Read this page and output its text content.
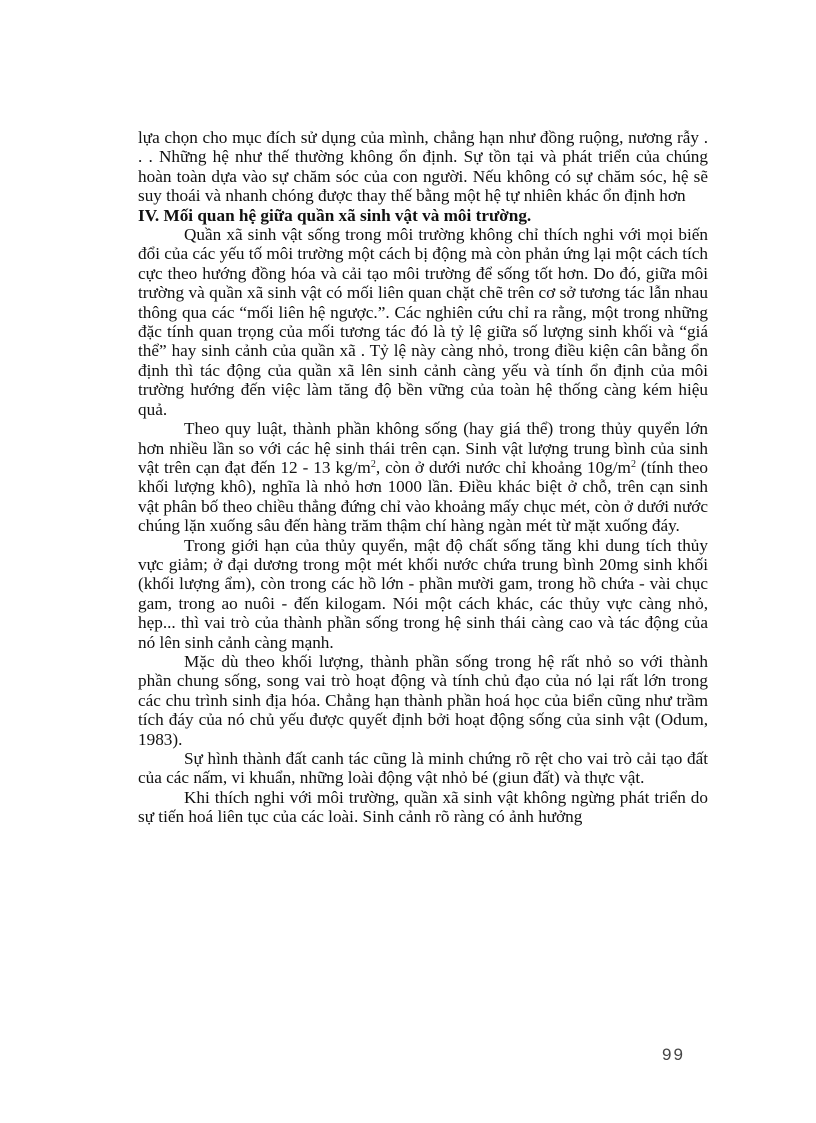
lựa chọn cho mục đích sử dụng của mình, chẳng hạn như đồng ruộng, nương rẫy . . . Những hệ như thế thường không ổn định. Sự tồn tại và phát triển của chúng hoàn toàn dựa vào sự chăm sóc của con người. Nếu không có sự chăm sóc, hệ sẽ suy thoái và nhanh chóng được thay thế bằng một hệ tự nhiên khác ổn định hơn

IV. Mối quan hệ giữa quần xã sinh vật và môi trường.

Quần xã sinh vật sống trong môi trường không chỉ thích nghi với mọi biến đổi của các yếu tố môi trường một cách bị động mà còn phản ứng lại một cách tích cực theo hướng đồng hóa và cải tạo môi trường để sống tốt hơn. Do đó, giữa môi trường và quần xã sinh vật có mối liên quan chặt chẽ trên cơ sở tương tác lẫn nhau thông qua các “mối liên hệ ngược.”. Các nghiên cứu chỉ ra rằng, một trong những đặc tính quan trọng của mối tương tác đó là tỷ lệ giữa số lượng sinh khối và “giá thể” hay sinh cảnh của quần xã . Tỷ lệ này càng nhỏ, trong điều kiện cân bằng ổn định thì tác động của quần xã lên sinh cảnh càng yếu và tính ổn định của môi trường hướng đến việc làm tăng độ bền vững của toàn hệ thống càng kém hiệu quả.

Theo quy luật, thành phần không sống (hay giá thể) trong thủy quyển lớn hơn nhiều lần so với các hệ sinh thái trên cạn. Sinh vật lượng trung bình của sinh vật trên cạn đạt đến 12 - 13 $kg/m^2$, còn ở dưới nước chỉ khoảng $10g/m^2$ (tính theo khối lượng khô), nghĩa là nhỏ hơn 1000 lần. Điều khác biệt ở chỗ, trên cạn sinh vật phân bố theo chiều thẳng đứng chỉ vào khoảng mấy chục mét, còn ở dưới nước chúng lặn xuống sâu đến hàng trăm thậm chí hàng ngàn mét từ mặt xuống đáy.

Trong giới hạn của thủy quyển, mật độ chất sống tăng khi dung tích thủy vực giảm; ở đại dương trong một mét khối nước chứa trung bình 20mg sinh khối (khối lượng ẩm), còn trong các hồ lớn - phần mười gam, trong hồ chứa - vài chục gam, trong ao nuôi - đến kilogam. Nói một cách khác, các thủy vực càng nhỏ, hẹp... thì vai trò của thành phần sống trong hệ sinh thái càng cao và tác động của nó lên sinh cảnh càng mạnh.

Mặc dù theo khối lượng, thành phần sống trong hệ rất nhỏ so với thành phần chung sống, song vai trò hoạt động và tính chủ đạo của nó lại rất lớn trong các chu trình sinh địa hóa. Chẳng hạn thành phần hoá học của biển cũng như trầm tích đáy của nó chủ yếu được quyết định bởi hoạt động sống của sinh vật (Odum, 1983).

Sự hình thành đất canh tác cũng là minh chứng rõ rệt cho vai trò cải tạo đất của các nấm, vi khuẩn, những loài động vật nhỏ bé (giun đất) và thực vật.

Khi thích nghi với môi trường, quần xã sinh vật không ngừng phát triển do sự tiến hoá liên tục của các loài. Sinh cảnh rõ ràng có ảnh hưởng

99
